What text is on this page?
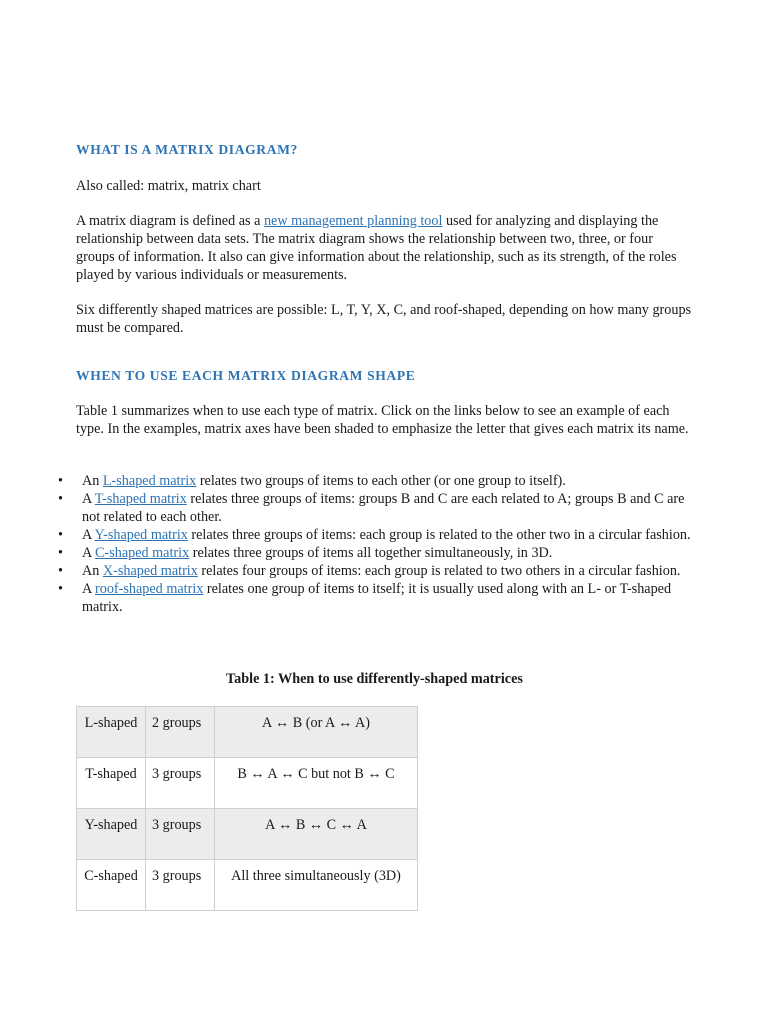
WHAT IS A MATRIX DIAGRAM?

Also called: matrix, matrix chart

A matrix diagram is defined as a new management planning tool used for analyzing and displaying the relationship between data sets. The matrix diagram shows the relationship between two, three, or four groups of information. It also can give information about the relationship, such as its strength, of the roles played by various individuals or measurements.

Six differently shaped matrices are possible: L, T, Y, X, C, and roof-shaped, depending on how many groups must be compared.

WHEN TO USE EACH MATRIX DIAGRAM SHAPE

Table 1 summarizes when to use each type of matrix. Click on the links below to see an example of each type. In the examples, matrix axes have been shaded to emphasize the letter that gives each matrix its name.

• An L-shaped matrix relates two groups of items to each other (or one group to itself).
• A T-shaped matrix relates three groups of items: groups B and C are each related to A; groups B and C are not related to each other.
• A Y-shaped matrix relates three groups of items: each group is related to the other two in a circular fashion.
• A C-shaped matrix relates three groups of items all together simultaneously, in 3D.
• An X-shaped matrix relates four groups of items: each group is related to two others in a circular fashion.
• A roof-shaped matrix relates one group of items to itself; it is usually used along with an L- or T-shaped matrix.
Table 1: When to use differently-shaped matrices
L-shaped	2 groups	A ↔ B (or A ↔ A)
T-shaped	3 groups	B ↔ A ↔ C but not B ↔ C
Y-shaped	3 groups	A ↔ B ↔ C ↔ A
C-shaped	3 groups	All three simultaneously (3D)
